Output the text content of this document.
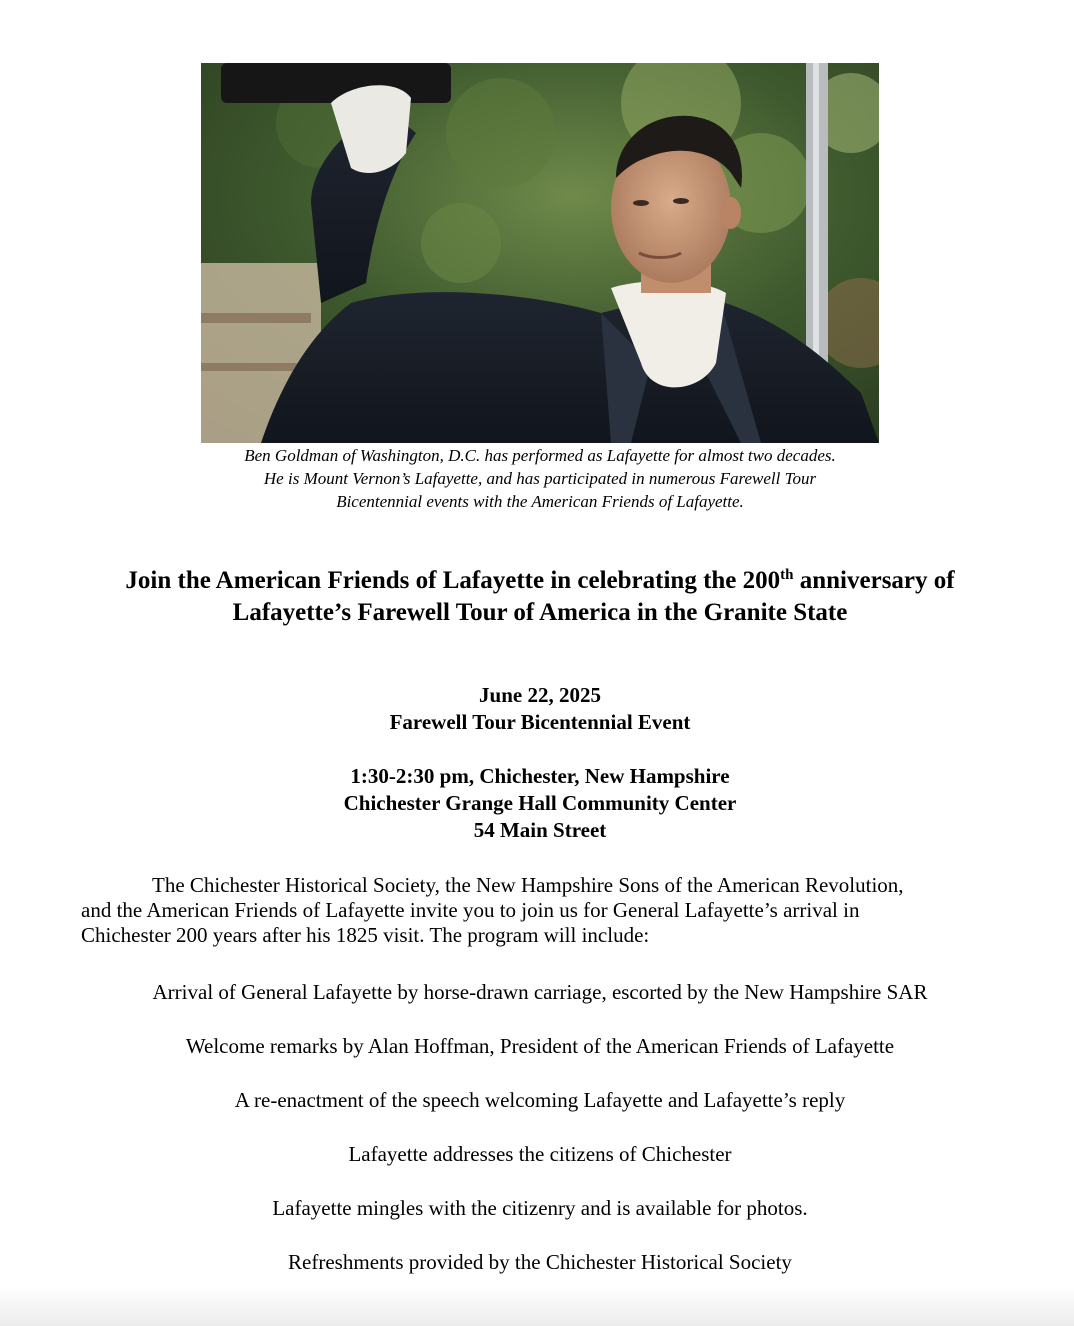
Ben Goldman of Washington, D.C. has performed as Lafayette for almost two decades.
He is Mount Vernon’s Lafayette, and has participated in numerous Farewell Tour
Bicentennial events with the American Friends of Lafayette.
Join the American Friends of Lafayette in celebrating the 200th anniversary of
Lafayette’s Farewell Tour of America in the Granite State
June 22, 2025
Farewell Tour Bicentennial Event
1:30-2:30 pm, Chichester, New Hampshire
Chichester Grange Hall Community Center
54 Main Street
The Chichester Historical Society, the New Hampshire Sons of the American Revolution,
and the American Friends of Lafayette invite you to join us for General Lafayette’s arrival in
Chichester 200 years after his 1825 visit. The program will include:
Arrival of General Lafayette by horse-drawn carriage, escorted by the New Hampshire SAR
Welcome remarks by Alan Hoffman, President of the American Friends of Lafayette
A re-enactment of the speech welcoming Lafayette and Lafayette’s reply
Lafayette addresses the citizens of Chichester
Lafayette mingles with the citizenry and is available for photos.
Refreshments provided by the Chichester Historical Society
